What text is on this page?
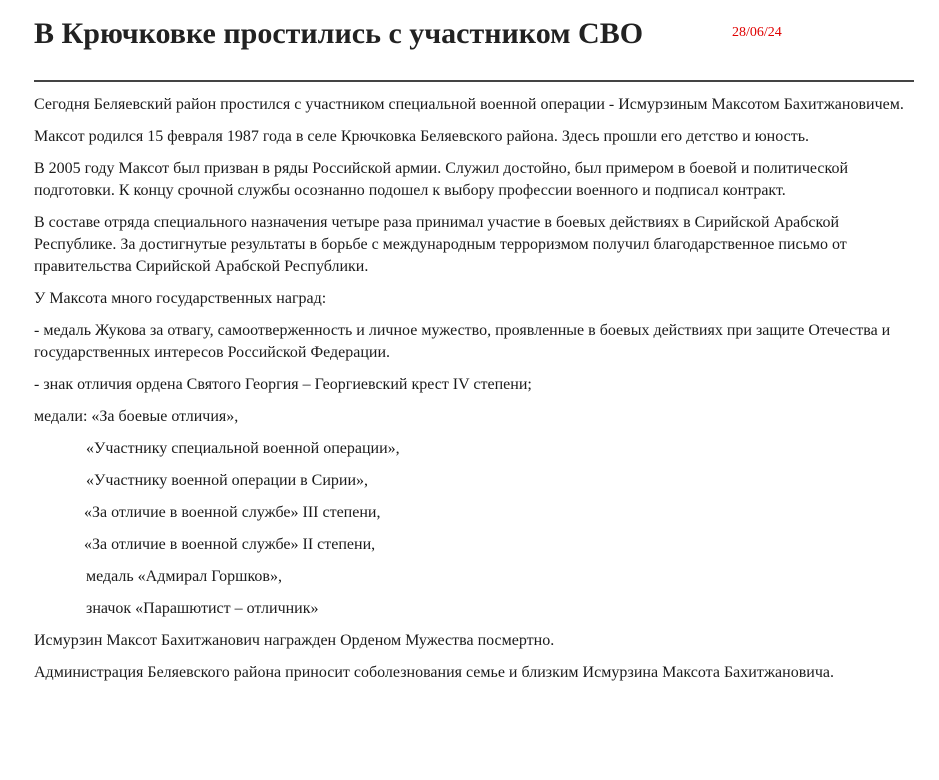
В Крючковке простились с участником СВО	28/06/24

Сегодня Беляевский район простился с участником специальной военной операции - Исмурзиным Максотом Бахитжановичем.

Максот родился 15 февраля 1987 года в селе Крючковка Беляевского района. Здесь прошли его детство и юность.

В 2005 году Максот был призван в ряды Российской армии. Служил достойно, был примером в боевой и политической подготовки. К концу срочной службы осознанно подошел к выбору профессии военного и подписал контракт.

В составе отряда специального назначения четыре раза принимал участие в боевых действиях в Сирийской Арабской Республике. За достигнутые результаты в борьбе с международным терроризмом получил благодарственное письмо от правительства Сирийской Арабской Республики.

У Максота много государственных наград:

- медаль Жукова за отвагу, самоотверженность и личное мужество, проявленные в боевых действиях при защите Отечества и государственных интересов Российской Федерации.

- знак отличия ордена Святого Георгия – Георгиевский крест IV степени;

медали: «За боевые отличия»,

«Участнику специальной военной операции»,

«Участнику военной операции в Сирии»,

«За отличие в военной службе» III степени,

«За отличие в военной службе» II степени,

медаль «Адмирал Горшков»,

значок «Парашютист – отличник»

Исмурзин Максот Бахитжанович награжден Орденом Мужества посмертно.

Администрация Беляевского района приносит соболезнования семье и близким Исмурзина Максота Бахитжановича.
